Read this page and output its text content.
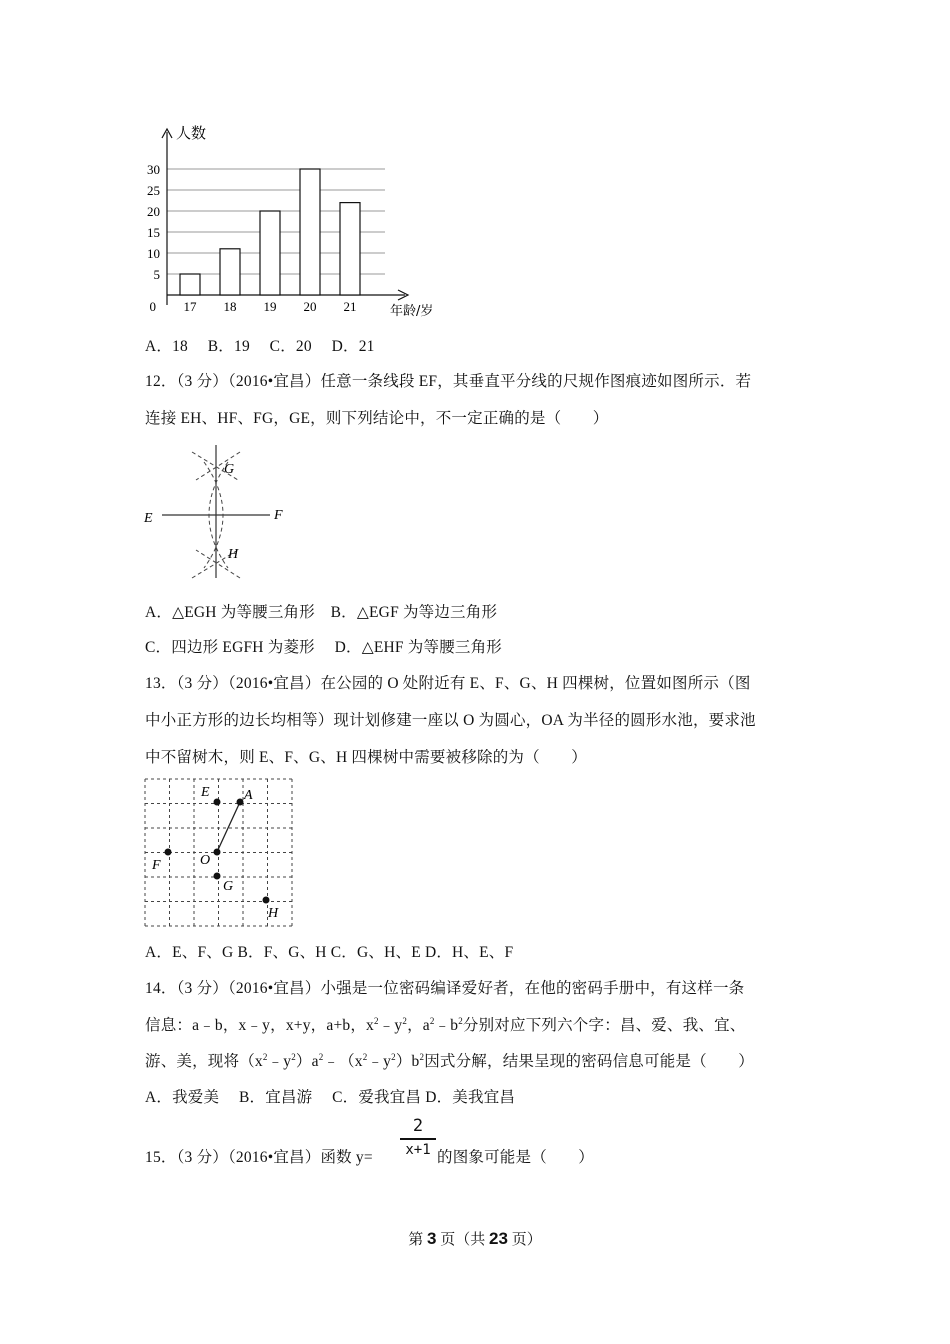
0
5
10
15
20
25
30
17 18 19 20 21
人数
年龄/岁
A．18　 B．19　 C．20　 D．21
12．（3 分）（2016•宜昌）任意一条线段 EF，其垂直平分线的尺规作图痕迹如图所示．若
连接 EH、HF、FG，GE，则下列结论中，不一定正确的是（　　）
G
E	F
H
A．△EGH 为等腰三角形　B．△EGF 为等边三角形
C．四边形 EGFH 为菱形　 D．△EHF 为等腰三角形
13．（3 分）（2016•宜昌）在公园的 O 处附近有 E、F、G、H 四棵树，位置如图所示（图
中小正方形的边长均相等）现计划修建一座以 O 为圆心，OA 为半径的圆形水池，要求池
中不留树木，则 E、F、G、H 四棵树中需要被移除的为（　　）
E A
O
F
G
H
A．E、F、G B．F、G、H C．G、H、E D．H、E、F
14．（3 分）（2016•宜昌）小强是一位密码编译爱好者，在他的密码手册中，有这样一条
信息：a﹣b，x﹣y，x+y，a+b，$x^2﹣y^2$，$a^2﹣b^2$分别对应下列六个字：昌、爱、我、宜、
游、美，现将$(x^2﹣y^2)a^2﹣(x^2﹣y^2)b^2$因式分解，结果呈现的密码信息可能是（　　）
A．我爱美　 B．宜昌游　 C．爱我宜昌 D．美我宜昌
15．（3 分）（2016•宜昌）函数 y=
2
x+1 的图象可能是（　　）
第 3 页（共 23 页）
